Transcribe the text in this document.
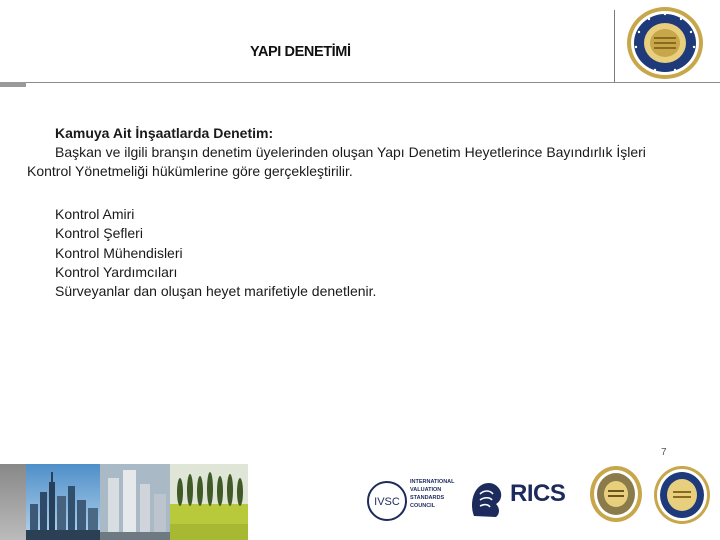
YAPI DENETİMİ
Kamuya Ait İnşaatlarda Denetim:
Başkan ve ilgili branşın denetim üyelerinden oluşan Yapı Denetim Heyetlerince Bayındırlık İşleri Kontrol Yönetmeliği hükümlerine göre gerçekleştirilir.
Kontrol Amiri
Kontrol Şefleri
Kontrol Mühendisleri
Kontrol Yardımcıları
Sürveyanlar dan oluşan heyet marifetiyle denetlenir.
7
IVSC
INTERNATIONAL
VALUATION
STANDARDS
COUNCIL	RICS
